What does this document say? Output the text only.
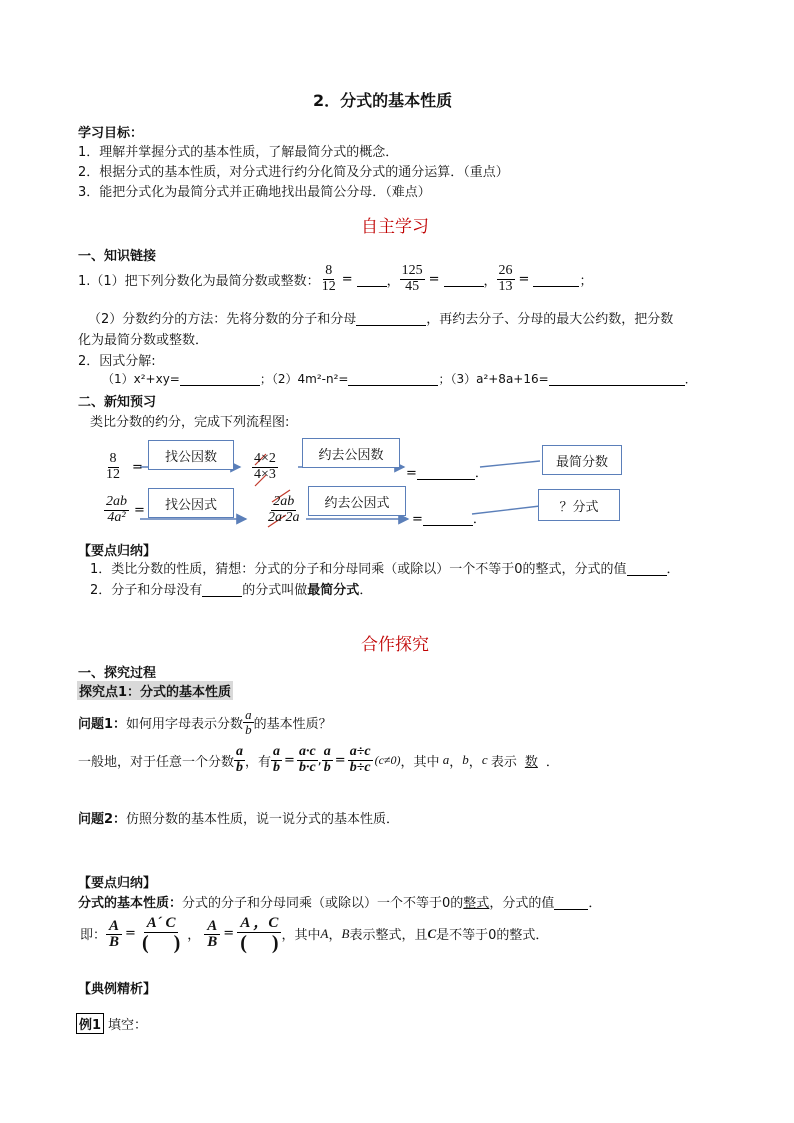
2．分式的基本性质
学习目标：
1．理解并掌握分式的基本性质，了解最简分式的概念．
2．根据分式的基本性质，对分式进行约分化简及分式的通分运算．（重点）
3．能把分式化为最简分式并正确地找出最简公分母．（难点）
自主学习
一、知识链接
1.（1）把下列分数化为最简分数或整数： $\frac{8}{12}$ =	， $\frac{125}{45}$ =	， $\frac{26}{13}$ =	；
（2）分数约分的方法：先将分数的分子和分母	，再约去分子、分母的最大公约数，把分数
化为最简分数或整数．
2．因式分解:
（1）x²+xy=	；（2）4m²-n²=	；（3）a²+8a+16=	．
二、新知预习
类比分数的约分，完成下列流程图:
$\frac{8}{12}$ =
找公因数	$\frac{4\times 2}{4\times 3}$	约去公因数
=	．
最简分数
$\frac{2ab}{\text{4a²}}$ =	找公因式	$\frac{2ab}{2a\cdot 2a}$	约去公因式
=	．
？分式
【要点归纳】
1．类比分数的性质，猜想：分式的分子和分母同乘（或除以）一个不等于0的整式，分式的值	．
2．分子和分母没有	的分式叫做最简分式．
合作探究
一、探究过程
探究点1：分式的基本性质
问题1： 如何用字母表示分数 $\frac{a}{b}$ 的基本性质？
一般地，对于任意一个分数 $\frac{a}{b}$ ，有 $\frac{a}{b} = \frac{a\cdot c}{b\cdot c}$ , $\frac{a}{b} = \frac{a\div c}{b\div c} (c\ne 0)$ ，其中 a ， b ， c 表示 数 ．
问题2：仿照分数的基本性质，说一说分式的基本性质．
【要点归纳】
分式的基本性质：分式的分子和分母同乘（或除以）一个不等于0的整式，分式的值	．
即： $\frac{A}{B} = \frac{A´ C}{( )}$ ， $\frac{A}{B} = \frac{A ,C}{( )}$ ，其中 A ， B 表示整式，且 C 是不等于0的整式．
【典例精析】
例1 填空：
